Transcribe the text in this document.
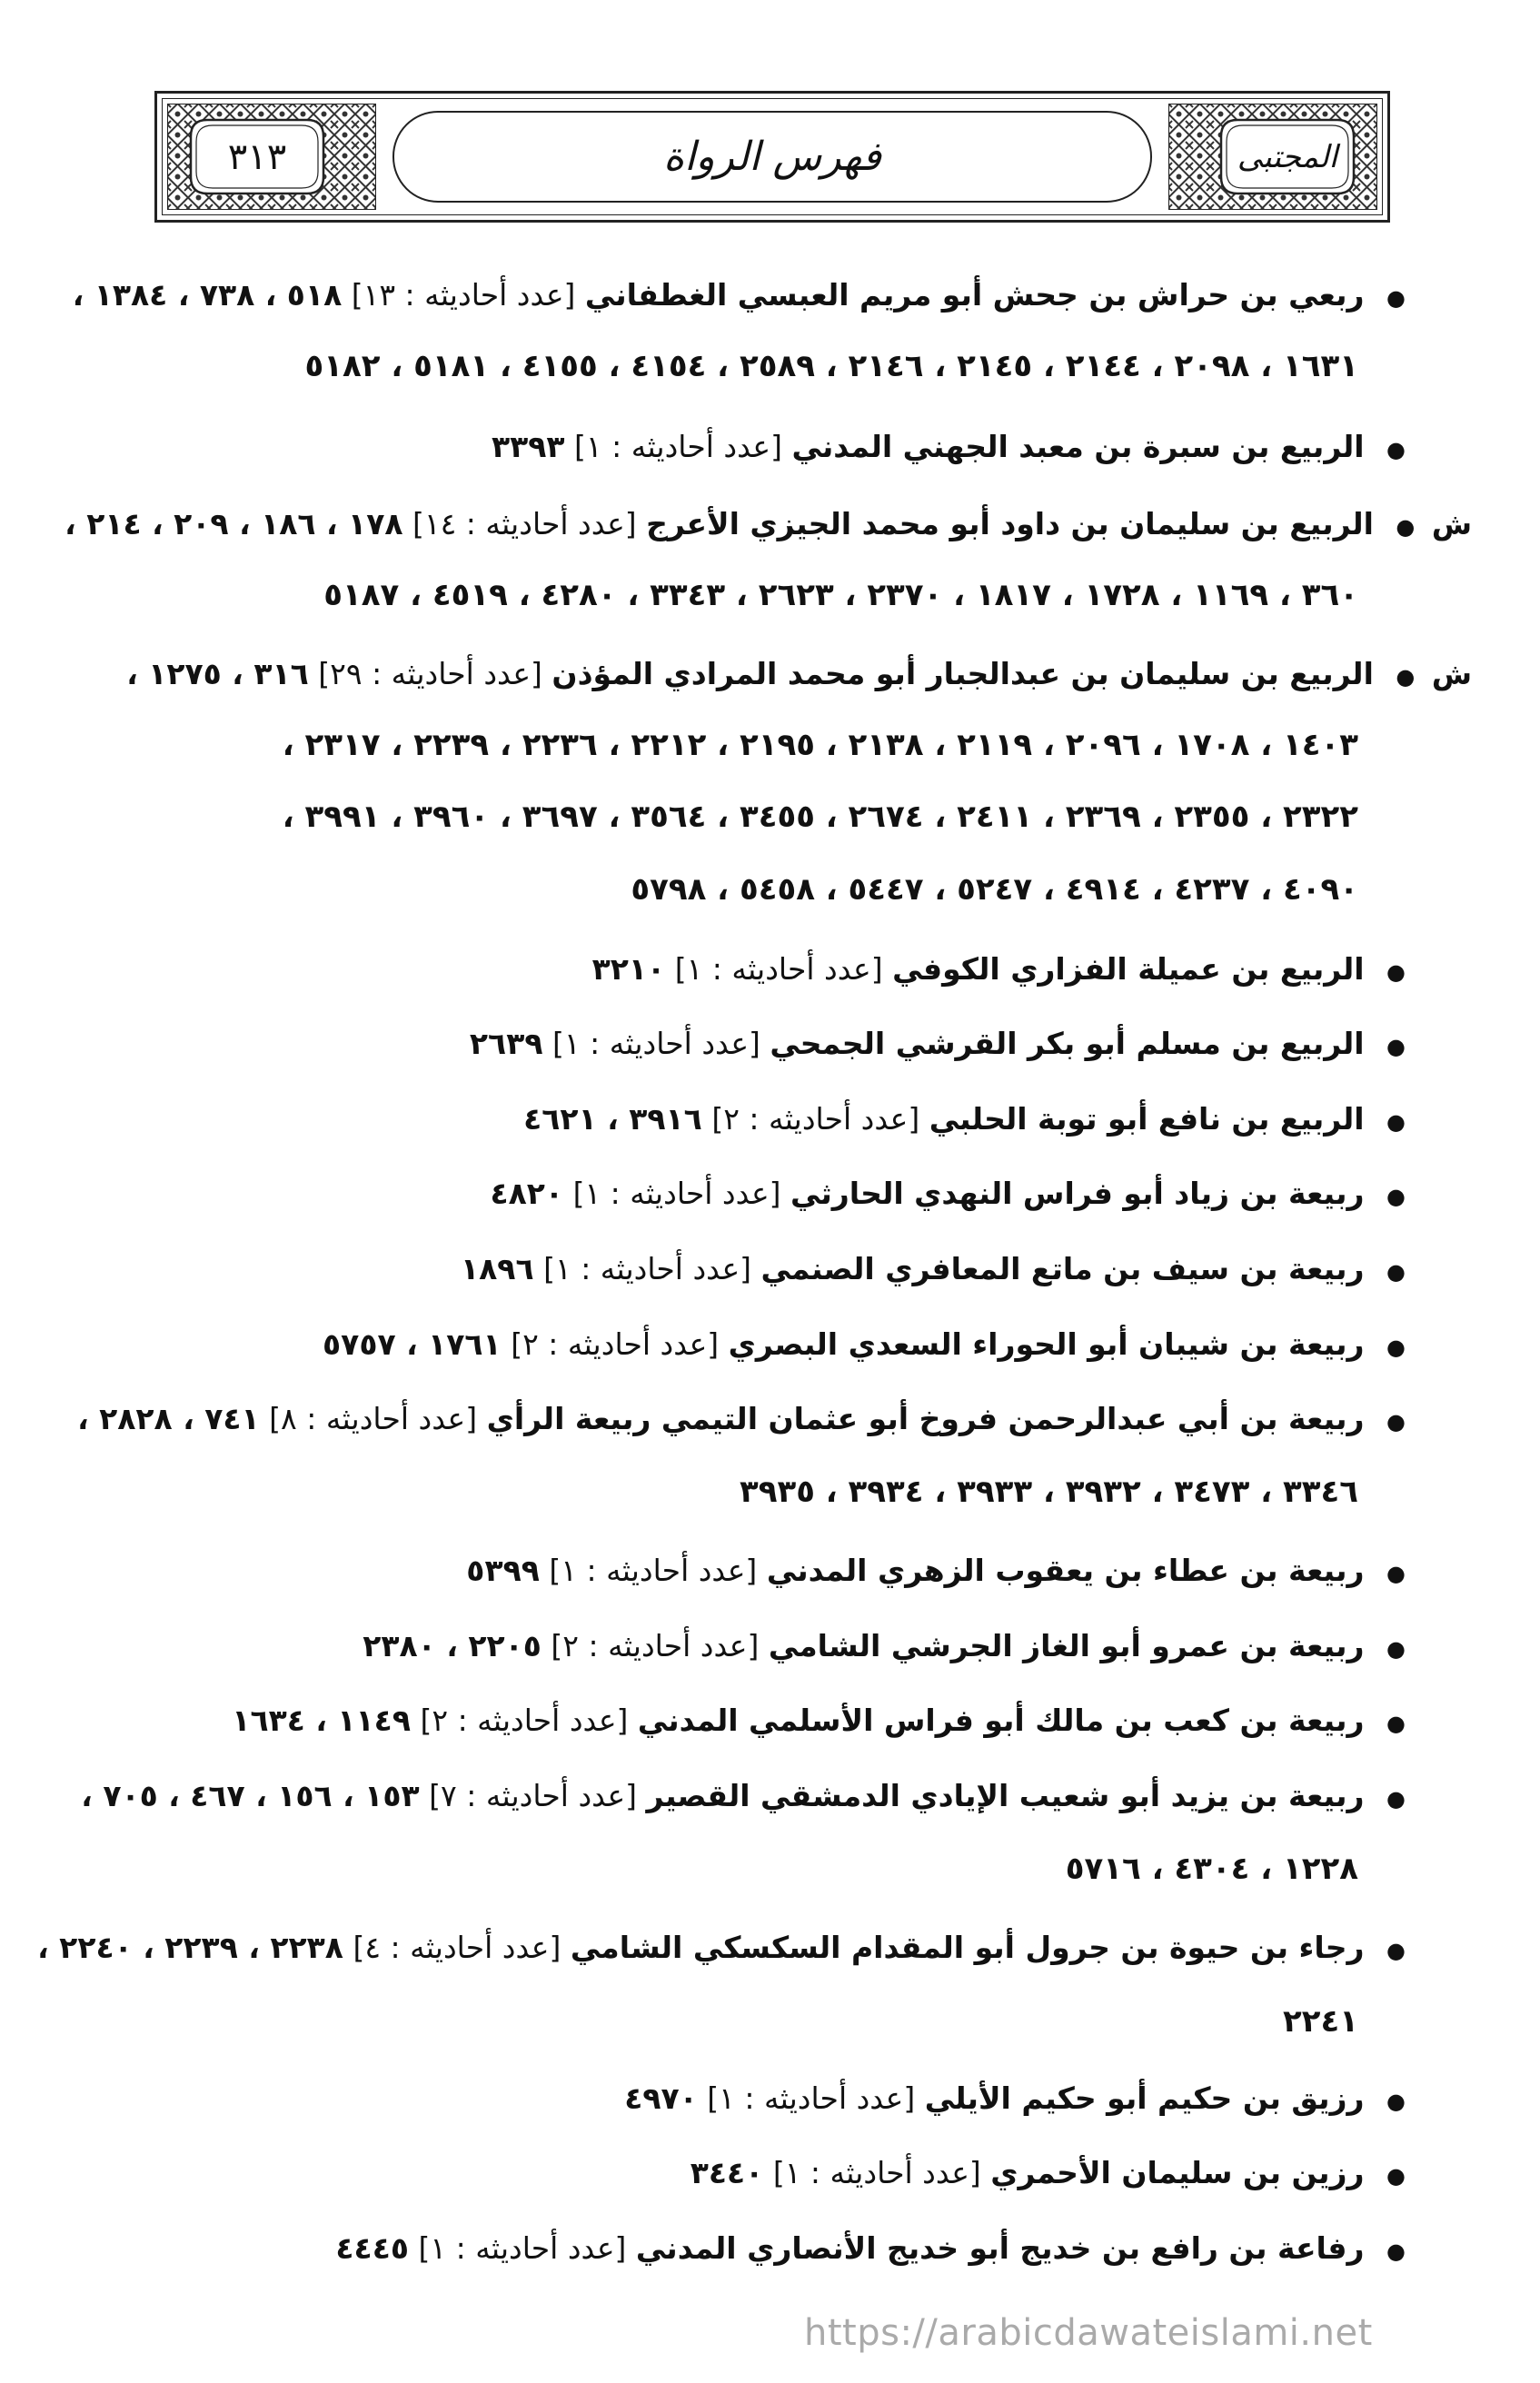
٣١٣	فهرس الرواة	المجتبى
● ربعي بن حراش بن جحش أبو مريم العبسي الغطفاني [عدد أحاديثه : ١٣] ٥١٨ ، ٧٣٨ ، ١٣٨٤ ،
١٦٣١ ، ٢٠٩٨ ، ٢١٤٤ ، ٢١٤٥ ، ٢١٤٦ ، ٢٥٨٩ ، ٤١٥٤ ، ٤١٥٥ ، ٥١٨١ ، ٥١٨٢
● الربيع بن سبرة بن معبد الجهني المدني [عدد أحاديثه : ١] ٣٣٩٣
ش ● الربيع بن سليمان بن داود أبو محمد الجيزي الأعرج [عدد أحاديثه : ١٤] ١٧٨ ، ١٨٦ ، ٢٠٩ ، ٢١٤ ،
٣٦٠ ، ١١٦٩ ، ١٧٢٨ ، ١٨١٧ ، ٢٣٧٠ ، ٢٦٢٣ ، ٣٣٤٣ ، ٤٢٨٠ ، ٤٥١٩ ، ٥١٨٧
ش ● الربيع بن سليمان بن عبدالجبار أبو محمد المرادي المؤذن [عدد أحاديثه : ٢٩] ٣١٦ ، ١٢٧٥ ،
١٤٠٣ ، ١٧٠٨ ، ٢٠٩٦ ، ٢١١٩ ، ٢١٣٨ ، ٢١٩٥ ، ٢٢١٢ ، ٢٢٣٦ ، ٢٢٣٩ ، ٢٣١٧ ،
٢٣٢٢ ، ٢٣٥٥ ، ٢٣٦٩ ، ٢٤١١ ، ٢٦٧٤ ، ٣٤٥٥ ، ٣٥٦٤ ، ٣٦٩٧ ، ٣٩٦٠ ، ٣٩٩١ ،
٤٠٩٠ ، ٤٢٣٧ ، ٤٩١٤ ، ٥٢٤٧ ، ٥٤٤٧ ، ٥٤٥٨ ، ٥٧٩٨
● الربيع بن عميلة الفزاري الكوفي [عدد أحاديثه : ١] ٣٢١٠
● الربيع بن مسلم أبو بكر القرشي الجمحي [عدد أحاديثه : ١] ٢٦٣٩
● الربيع بن نافع أبو توبة الحلبي [عدد أحاديثه : ٢] ٣٩١٦ ، ٤٦٢١
● ربيعة بن زياد أبو فراس النهدي الحارثي [عدد أحاديثه : ١] ٤٨٢٠
● ربيعة بن سيف بن ماتع المعافري الصنمي [عدد أحاديثه : ١] ١٨٩٦
● ربيعة بن شيبان أبو الحوراء السعدي البصري [عدد أحاديثه : ٢] ١٧٦١ ، ٥٧٥٧
● ربيعة بن أبي عبدالرحمن فروخ أبو عثمان التيمي ربيعة الرأي [عدد أحاديثه : ٨] ٧٤١ ، ٢٨٢٨ ،
٣٣٤٦ ، ٣٤٧٣ ، ٣٩٣٢ ، ٣٩٣٣ ، ٣٩٣٤ ، ٣٩٣٥
● ربيعة بن عطاء بن يعقوب الزهري المدني [عدد أحاديثه : ١] ٥٣٩٩
● ربيعة بن عمرو أبو الغاز الجرشي الشامي [عدد أحاديثه : ٢] ٢٢٠٥ ، ٢٣٨٠
● ربيعة بن كعب بن مالك أبو فراس الأسلمي المدني [عدد أحاديثه : ٢] ١١٤٩ ، ١٦٣٤
● ربيعة بن يزيد أبو شعيب الإيادي الدمشقي القصير [عدد أحاديثه : ٧] ١٥٣ ، ١٥٦ ، ٤٦٧ ، ٧٠٥ ،
١٢٢٨ ، ٤٣٠٤ ، ٥٧١٦
● رجاء بن حيوة بن جرول أبو المقدام السكسكي الشامي [عدد أحاديثه : ٤] ٢٢٣٨ ، ٢٢٣٩ ، ٢٢٤٠ ،
٢٢٤١
● رزيق بن حكيم أبو حكيم الأيلي [عدد أحاديثه : ١] ٤٩٧٠
● رزين بن سليمان الأحمري [عدد أحاديثه : ١] ٣٤٤٠
● رفاعة بن رافع بن خديج أبو خديج الأنصاري المدني [عدد أحاديثه : ١] ٤٤٤٥
https://arabicdawateislami.net
